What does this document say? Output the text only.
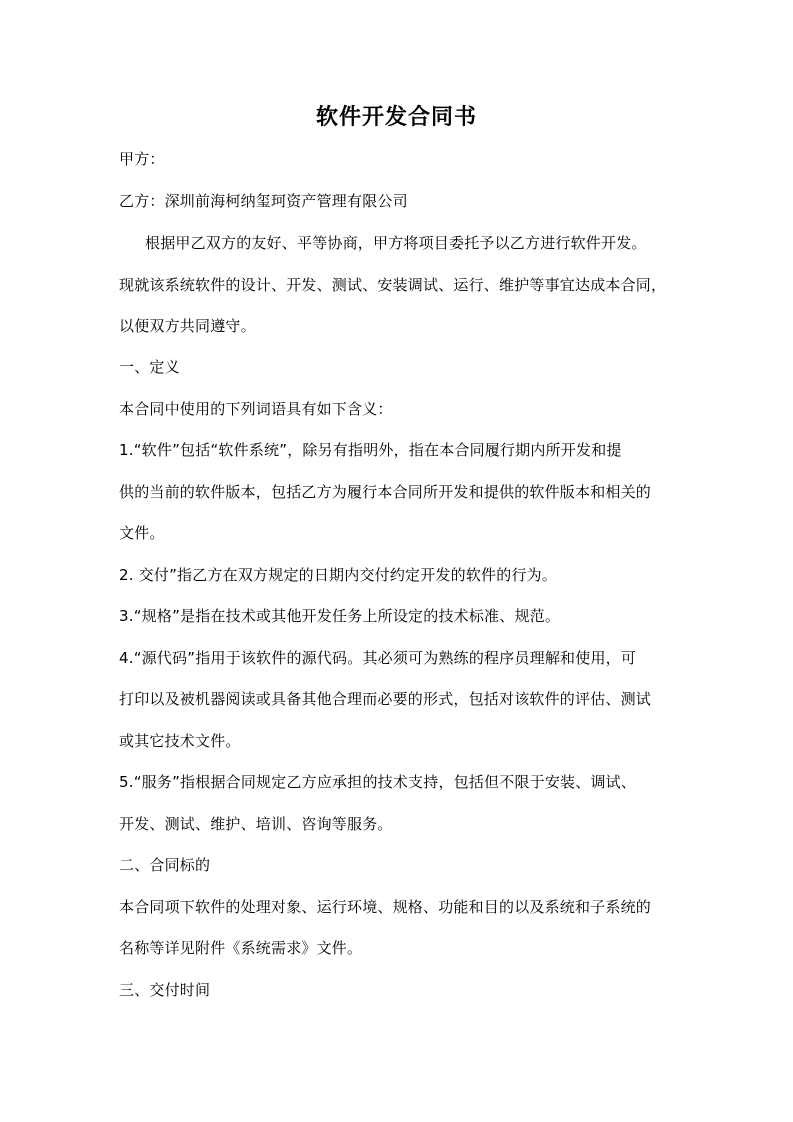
软件开发合同书
甲方：
乙方：深圳前海柯纳玺珂资产管理有限公司
根据甲乙双方的友好、平等协商，甲方将项目委托予以乙方进行软件开发。
现就该系统软件的设计、开发、测试、安装调试、运行、维护等事宜达成本合同，
以便双方共同遵守。
一、定义
本合同中使用的下列词语具有如下含义：
1.“软件”包括“软件系统”，除另有指明外，指在本合同履行期内所开发和提
供的当前的软件版本，包括乙方为履行本合同所开发和提供的软件版本和相关的
文件。
2. 交付”指乙方在双方规定的日期内交付约定开发的软件的行为。
3.“规格”是指在技术或其他开发任务上所设定的技术标准、规范。
4.“源代码”指用于该软件的源代码。其必须可为熟练的程序员理解和使用，可
打印以及被机器阅读或具备其他合理而必要的形式，包括对该软件的评估、测试
或其它技术文件。
5.“服务”指根据合同规定乙方应承担的技术支持，包括但不限于安装、调试、
开发、测试、维护、培训、咨询等服务。
二、合同标的
本合同项下软件的处理对象、运行环境、规格、功能和目的以及系统和子系统的
名称等详见附件《系统需求》文件。
三、交付时间
